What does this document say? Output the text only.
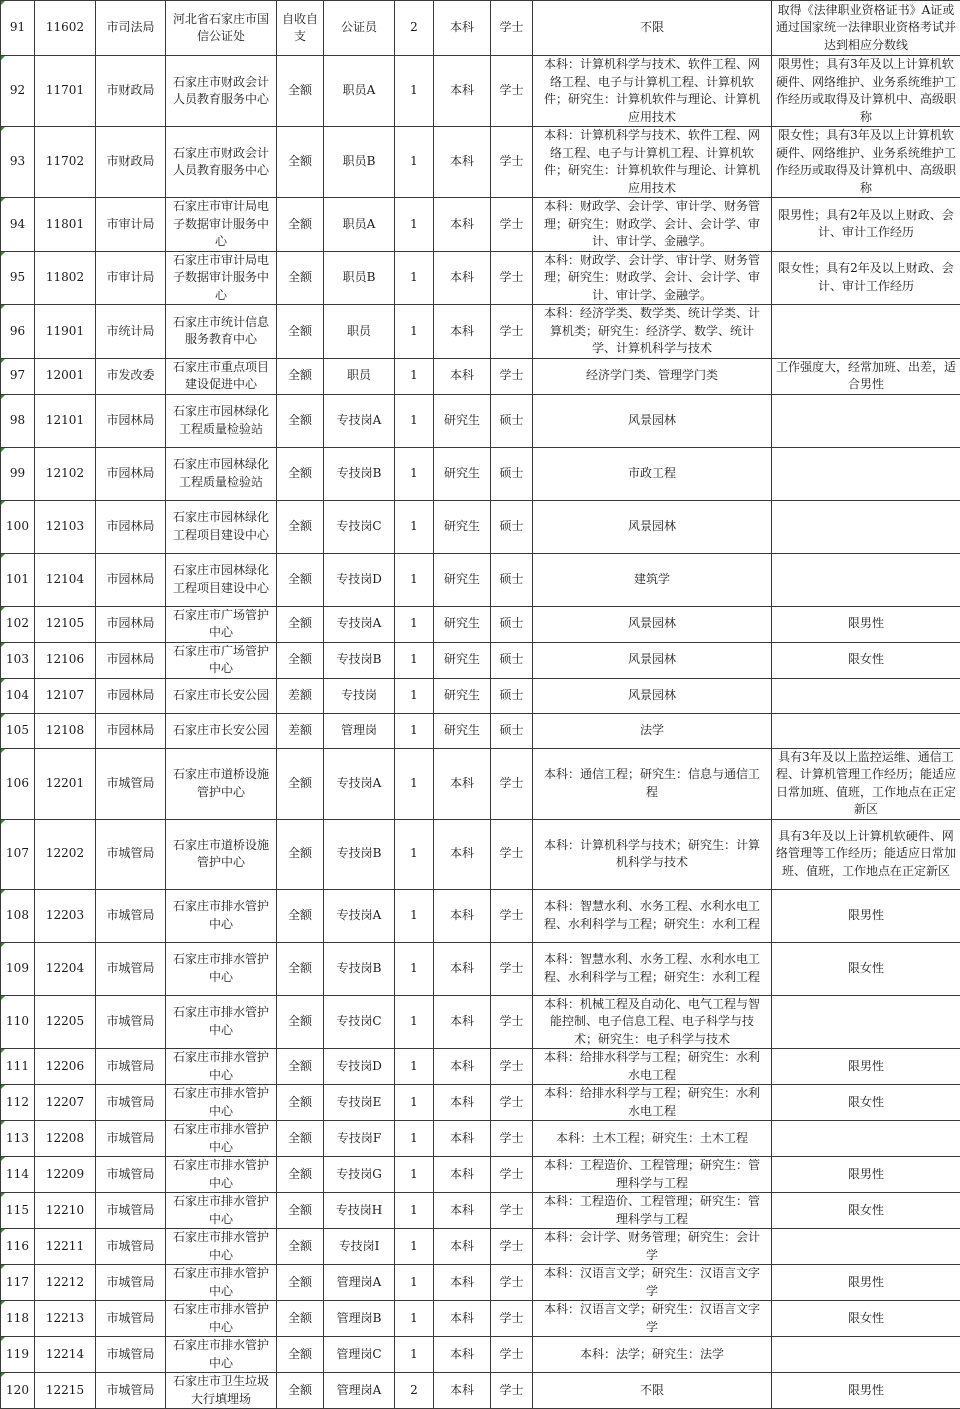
91	11602	市司法局	河北省石家庄市国信公证处	自收自支	公证员	2	本科	学士	不限	取得《法律职业资格证书》A证或通过国家统一法律职业资格考试并达到相应分数线
92	11701	市财政局	石家庄市财政会计人员教育服务中心	全额	职员A	1	本科	学士	本科：计算机科学与技术、软件工程、网络工程、电子与计算机工程、计算机软件；研究生：计算机软件与理论、计算机应用技术	限男性；具有3年及以上计算机软硬件、网络维护、业务系统维护工作经历或取得及计算机中、高级职称
93	11702	市财政局	石家庄市财政会计人员教育服务中心	全额	职员B	1	本科	学士	本科：计算机科学与技术、软件工程、网络工程、电子与计算机工程、计算机软件；研究生：计算机软件与理论、计算机应用技术	限女性；具有3年及以上计算机软硬件、网络维护、业务系统维护工作经历或取得及计算机中、高级职称
94	11801	市审计局	石家庄市审计局电子数据审计服务中心	全额	职员A	1	本科	学士	本科：财政学、会计学、审计学、财务管理；研究生：财政学、会计、会计学、审计、审计学、金融学。	限男性；具有2年及以上财政、会计、审计工作经历
95	11802	市审计局	石家庄市审计局电子数据审计服务中心	全额	职员B	1	本科	学士	本科：财政学、会计学、审计学、财务管理；研究生：财政学、会计、会计学、审计、审计学、金融学。	限女性；具有2年及以上财政、会计、审计工作经历
96	11901	市统计局	石家庄市统计信息服务教育中心	全额	职员	1	本科	学士	本科：经济学类、数学类、统计学类、计算机类；研究生：经济学、数学、统计学、计算机科学与技术	
97	12001	市发改委	石家庄市重点项目建设促进中心	全额	职员	1	本科	学士	经济学门类、管理学门类	工作强度大，经常加班、出差，适合男性
98	12101	市园林局	石家庄市园林绿化工程质量检验站	全额	专技岗A	1	研究生	硕士	风景园林	
99	12102	市园林局	石家庄市园林绿化工程质量检验站	全额	专技岗B	1	研究生	硕士	市政工程	
100	12103	市园林局	石家庄市园林绿化工程项目建设中心	全额	专技岗C	1	研究生	硕士	风景园林	
101	12104	市园林局	石家庄市园林绿化工程项目建设中心	全额	专技岗D	1	研究生	硕士	建筑学	
102	12105	市园林局	石家庄市广场管护中心	全额	专技岗A	1	研究生	硕士	风景园林	限男性
103	12106	市园林局	石家庄市广场管护中心	全额	专技岗B	1	研究生	硕士	风景园林	限女性
104	12107	市园林局	石家庄市长安公园	差额	专技岗	1	研究生	硕士	风景园林	
105	12108	市园林局	石家庄市长安公园	差额	管理岗	1	研究生	硕士	法学	
106	12201	市城管局	石家庄市道桥设施管护中心	全额	专技岗A	1	本科	学士	本科：通信工程；研究生：信息与通信工程	具有3年及以上监控运维、通信工程、计算机管理工作经历；能适应日常加班、值班，工作地点在正定新区
107	12202	市城管局	石家庄市道桥设施管护中心	全额	专技岗B	1	本科	学士	本科：计算机科学与技术；研究生：计算机科学与技术	具有3年及以上计算机软硬件、网络管理等工作经历；能适应日常加班、值班，工作地点在正定新区
108	12203	市城管局	石家庄市排水管护中心	全额	专技岗A	1	本科	学士	本科：智慧水利、水务工程、水利水电工程、水利科学与工程；研究生：水利工程	限男性
109	12204	市城管局	石家庄市排水管护中心	全额	专技岗B	1	本科	学士	本科：智慧水利、水务工程、水利水电工程、水利科学与工程；研究生：水利工程	限女性
110	12205	市城管局	石家庄市排水管护中心	全额	专技岗C	1	本科	学士	本科：机械工程及自动化、电气工程与智能控制、电子信息工程、电子科学与技术；研究生：电子科学与技术	
111	12206	市城管局	石家庄市排水管护中心	全额	专技岗D	1	本科	学士	本科：给排水科学与工程；研究生：水利水电工程	限男性
112	12207	市城管局	石家庄市排水管护中心	全额	专技岗E	1	本科	学士	本科：给排水科学与工程；研究生：水利水电工程	限女性
113	12208	市城管局	石家庄市排水管护中心	全额	专技岗F	1	本科	学士	本科：土木工程；研究生：土木工程	
114	12209	市城管局	石家庄市排水管护中心	全额	专技岗G	1	本科	学士	本科：工程造价、工程管理；研究生：管理科学与工程	限男性
115	12210	市城管局	石家庄市排水管护中心	全额	专技岗H	1	本科	学士	本科：工程造价、工程管理；研究生：管理科学与工程	限女性
116	12211	市城管局	石家庄市排水管护中心	全额	专技岗I	1	本科	学士	本科：会计学、财务管理；研究生：会计学	
117	12212	市城管局	石家庄市排水管护中心	全额	管理岗A	1	本科	学士	本科：汉语言文学；研究生：汉语言文字学	限男性
118	12213	市城管局	石家庄市排水管护中心	全额	管理岗B	1	本科	学士	本科：汉语言文学；研究生：汉语言文字学	限女性
119	12214	市城管局	石家庄市排水管护中心	全额	管理岗C	1	本科	学士	本科：法学；研究生：法学	
120	12215	市城管局	石家庄市卫生垃圾大行填埋场	全额	管理岗A	2	本科	学士	不限	限男性
